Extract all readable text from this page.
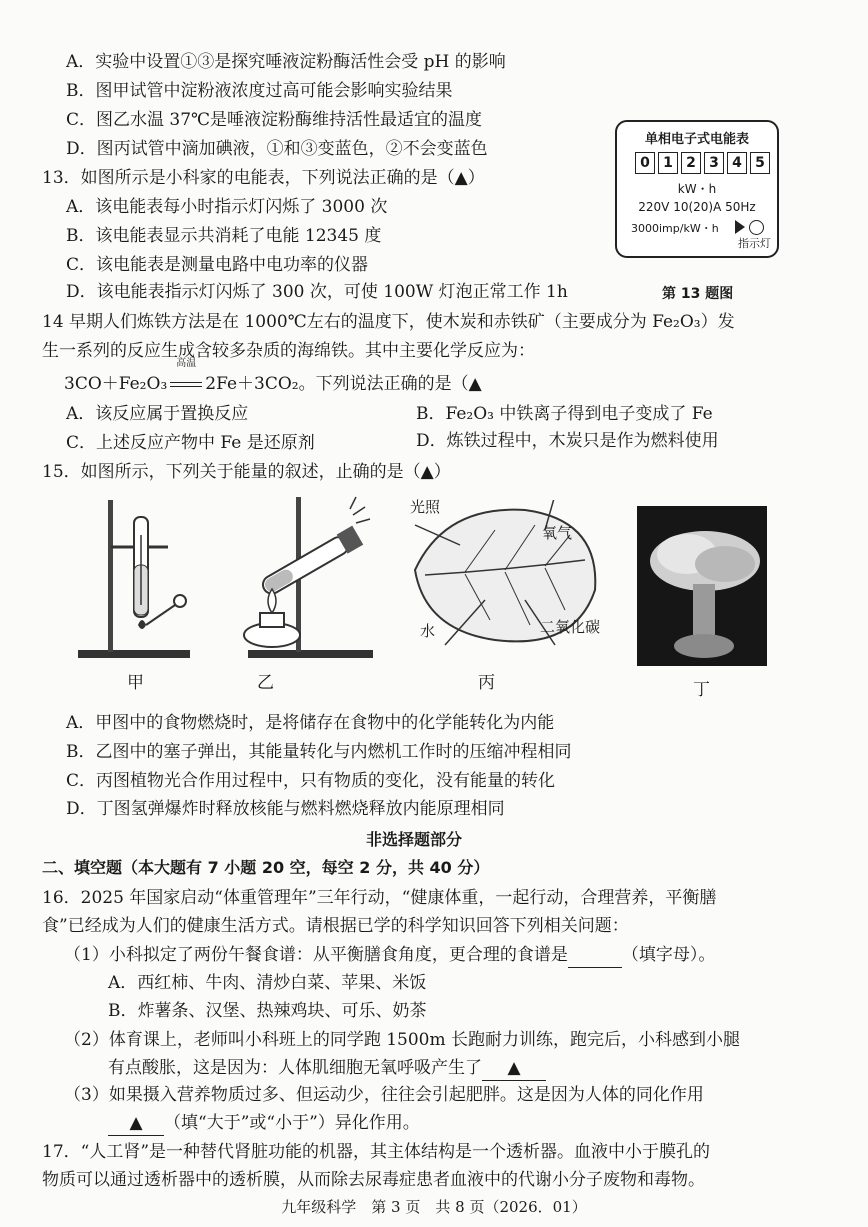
A．实验中设置①③是探究唾液淀粉酶活性会受 pH 的影响
B．图甲试管中淀粉液浓度过高可能会影响实验结果
C．图乙水温 37℃是唾液淀粉酶维持活性最适宜的温度
D．图丙试管中滴加碘液，①和③变蓝色，②不会变蓝色
13．如图所示是小科家的电能表，下列说法正确的是（▲）
A．该电能表每小时指示灯闪烁了 3000 次
B．该电能表显示共消耗了电能 12345 度
C．该电能表是测量电路中电功率的仪器
D．该电能表指示灯闪烁了 300 次，可使 100W 灯泡正常工作 1h
单相电子式电能表
0 1 2 3 4 5
kW・h
220V 10(20)A 50Hz
3000imp/kW・h
指示灯
第 13 题图
14 早期人们炼铁方法是在 1000℃左右的温度下，使木炭和赤铁矿（主要成分为 Fe₂O₃）发
生一系列的反应生成含较多杂质的海绵铁。其中主要化学反应为：
3CO＋Fe₂O₃
高温
2Fe＋3CO₂。下列说法正确的是（▲
A．该反应属于置换反应	B．Fe₂O₃ 中铁离子得到电子变成了 Fe
C．上述反应产物中 Fe 是还原剂	D．炼铁过程中，木炭只是作为燃料使用
15．如图所示，下列关于能量的叙述，止确的是（▲）
甲	乙
光照
氧气
水	二氧化碳
丙	丁
A．甲图中的食物燃烧时，是将储存在食物中的化学能转化为内能
B．乙图中的塞子弹出，其能量转化与内燃机工作时的压缩冲程相同
C．丙图植物光合作用过程中，只有物质的变化，没有能量的转化
D．丁图氢弹爆炸时释放核能与燃料燃烧释放内能原理相同
非选择题部分
二、填空题（本大题有 7 小题 20 空，每空 2 分，共 40 分）
16．2025 年国家启动“体重管理年”三年行动，“健康体重，一起行动，合理营养，平衡膳
食”已经成为人们的健康生活方式。请根据已学的科学知识回答下列相关问题：
（1）小科拟定了两份午餐食谱：从平衡膳食角度，更合理的食谱是	（填字母）。
A．西红柿、牛肉、清炒白菜、苹果、米饭
B．炸薯条、汉堡、热辣鸡块、可乐、奶茶
（2）体育课上，老师叫小科班上的同学跑 1500m 长跑耐力训练，跑完后，小科感到小腿
有点酸胀，这是因为：人体肌细胞无氧呼吸产生了 ▲
（3）如果摄入营养物质过多、但运动少，往往会引起肥胖。这是因为人体的同化作用
▲ （填“大于”或“小于”）异化作用。
17．“人工肾”是一种替代肾脏功能的机器，其主体结构是一个透析器。血液中小于膜孔的
物质可以通过透析器中的透析膜，从而除去尿毒症患者血液中的代谢小分子废物和毒物。
九年级科学　第 3 页　共 8 页（2026．01）
